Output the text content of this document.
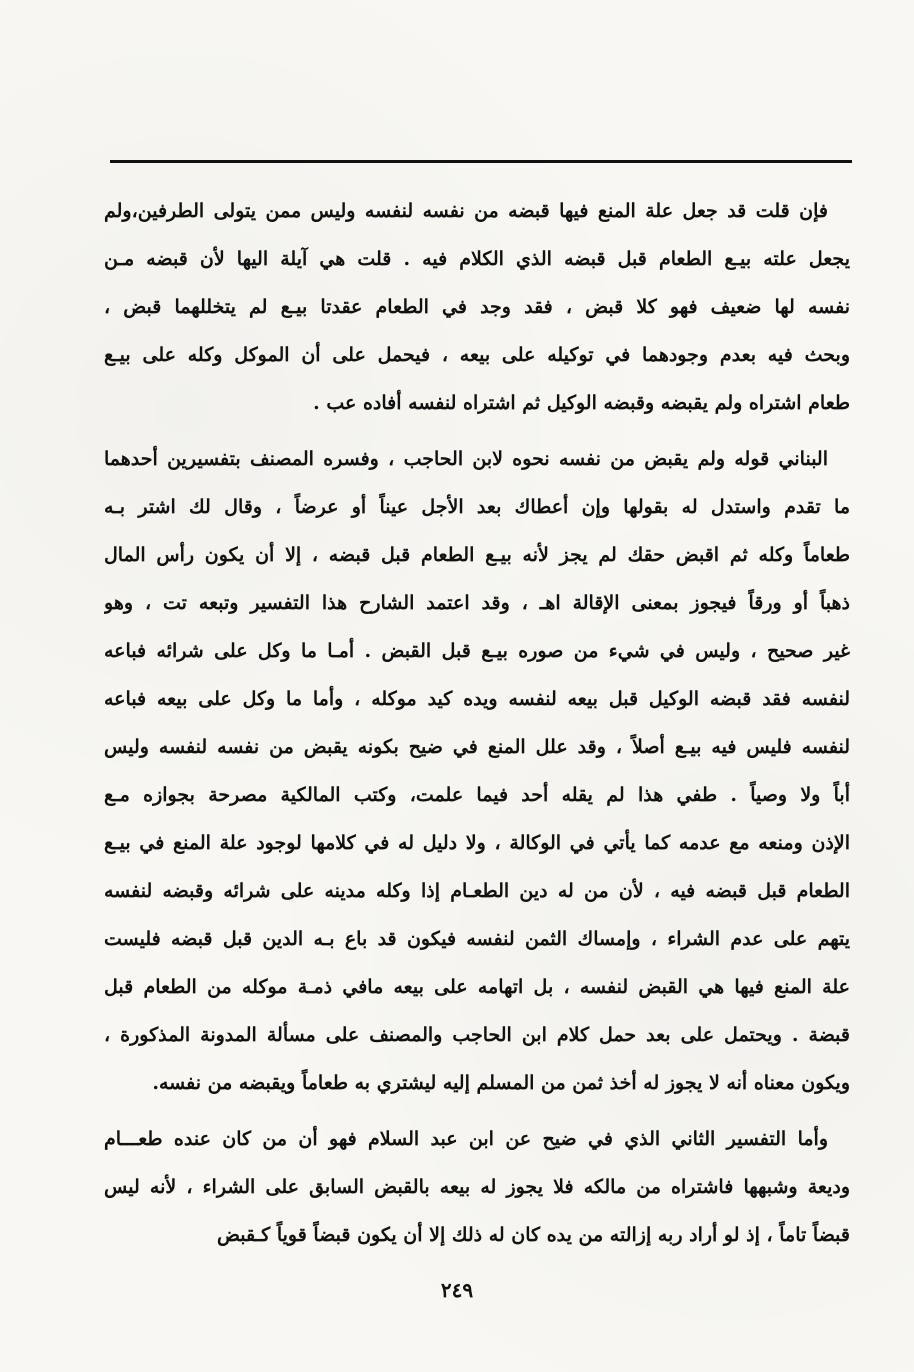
فإن قلت قد جعل علة المنع فيها قبضه من نفسه لنفسه وليس ممن يتولى الطرفين،ولم
يجعل علته بيـع الطعام قبل قبضه الذي الكلام فيه . قلت هي آيلة اليها لأن قبضه مـن
نفسه لها ضعيف فهو كلا قبض ، فقد وجد في الطعام عقدتا بيـع لم يتخللهما قبض ،
وبحث فيه بعدم وجودهما في توكيله على بيعه ، فيحمل على أن الموكل وكله على بيـع
طعام اشتراه ولم يقبضه وقبضه الوكيل ثم اشتراه لنفسه أفاده عب .
البناني قوله ولم يقبض من نفسه نحوه لابن الحاجب ، وفسره المصنف بتفسيرين أحدهما
ما تقدم واستدل له بقولها وإن أعطاك بعد الأجل عيناً أو عرضاً ، وقال لك اشتر بـه
طعاماً وكله ثم اقبض حقك لم يجز لأنه بيـع الطعام قبل قبضه ، إلا أن يكون رأس المال
ذهباً أو ورقاً فيجوز بمعنى الإقالة اهـ ، وقد اعتمد الشارح هذا التفسير وتبعه تت ، وهو
غير صحيح ، وليس في شيء من صوره بيـع قبل القبض . أمـا ما وكل على شرائه فباعه
لنفسه فقد قبضه الوكيل قبل بيعه لنفسه ويده كيد موكله ، وأما ما وكل على بيعه فباعه
لنفسه فليس فيه بيـع أصلاً ، وقد علل المنع في ضيح بكونه يقبض من نفسه لنفسه وليس
أباً ولا وصياً . طفي هذا لم يقله أحد فيما علمت، وكتب المالكية مصرحة بجوازه مـع
الإذن ومنعه مع عدمه كما يأتي في الوكالة ، ولا دليل له في كلامها لوجود علة المنع في بيـع
الطعام قبل قبضه فيه ، لأن من له دين الطعـام إذا وكله مدينه على شرائه وقبضه لنفسه
يتهم على عدم الشراء ، وإمساك الثمن لنفسه فيكون قد باع بـه الدين قبل قبضه فليست
علة المنع فيها هي القبض لنفسه ، بل اتهامه على بيعه مافي ذمـة موكله من الطعام قبل
قبضة . ويحتمل على بعد حمل كلام ابن الحاجب والمصنف على مسألة المدونة المذكورة ،
ويكون معناه أنه لا يجوز له أخذ ثمن من المسلم إليه ليشتري به طعاماً ويقبضه من نفسه.
وأما التفسير الثاني الذي في ضيح عن ابن عبد السلام فهو أن من كان عنده طعـــام
وديعة وشبهها فاشتراه من مالكه فلا يجوز له بيعه بالقبض السابق على الشراء ، لأنه ليس
قبضاً تاماً ، إذ لو أراد ربه إزالته من يده كان له ذلك إلا أن يكون قبضاً قوياً كـقبض
٢٤٩
